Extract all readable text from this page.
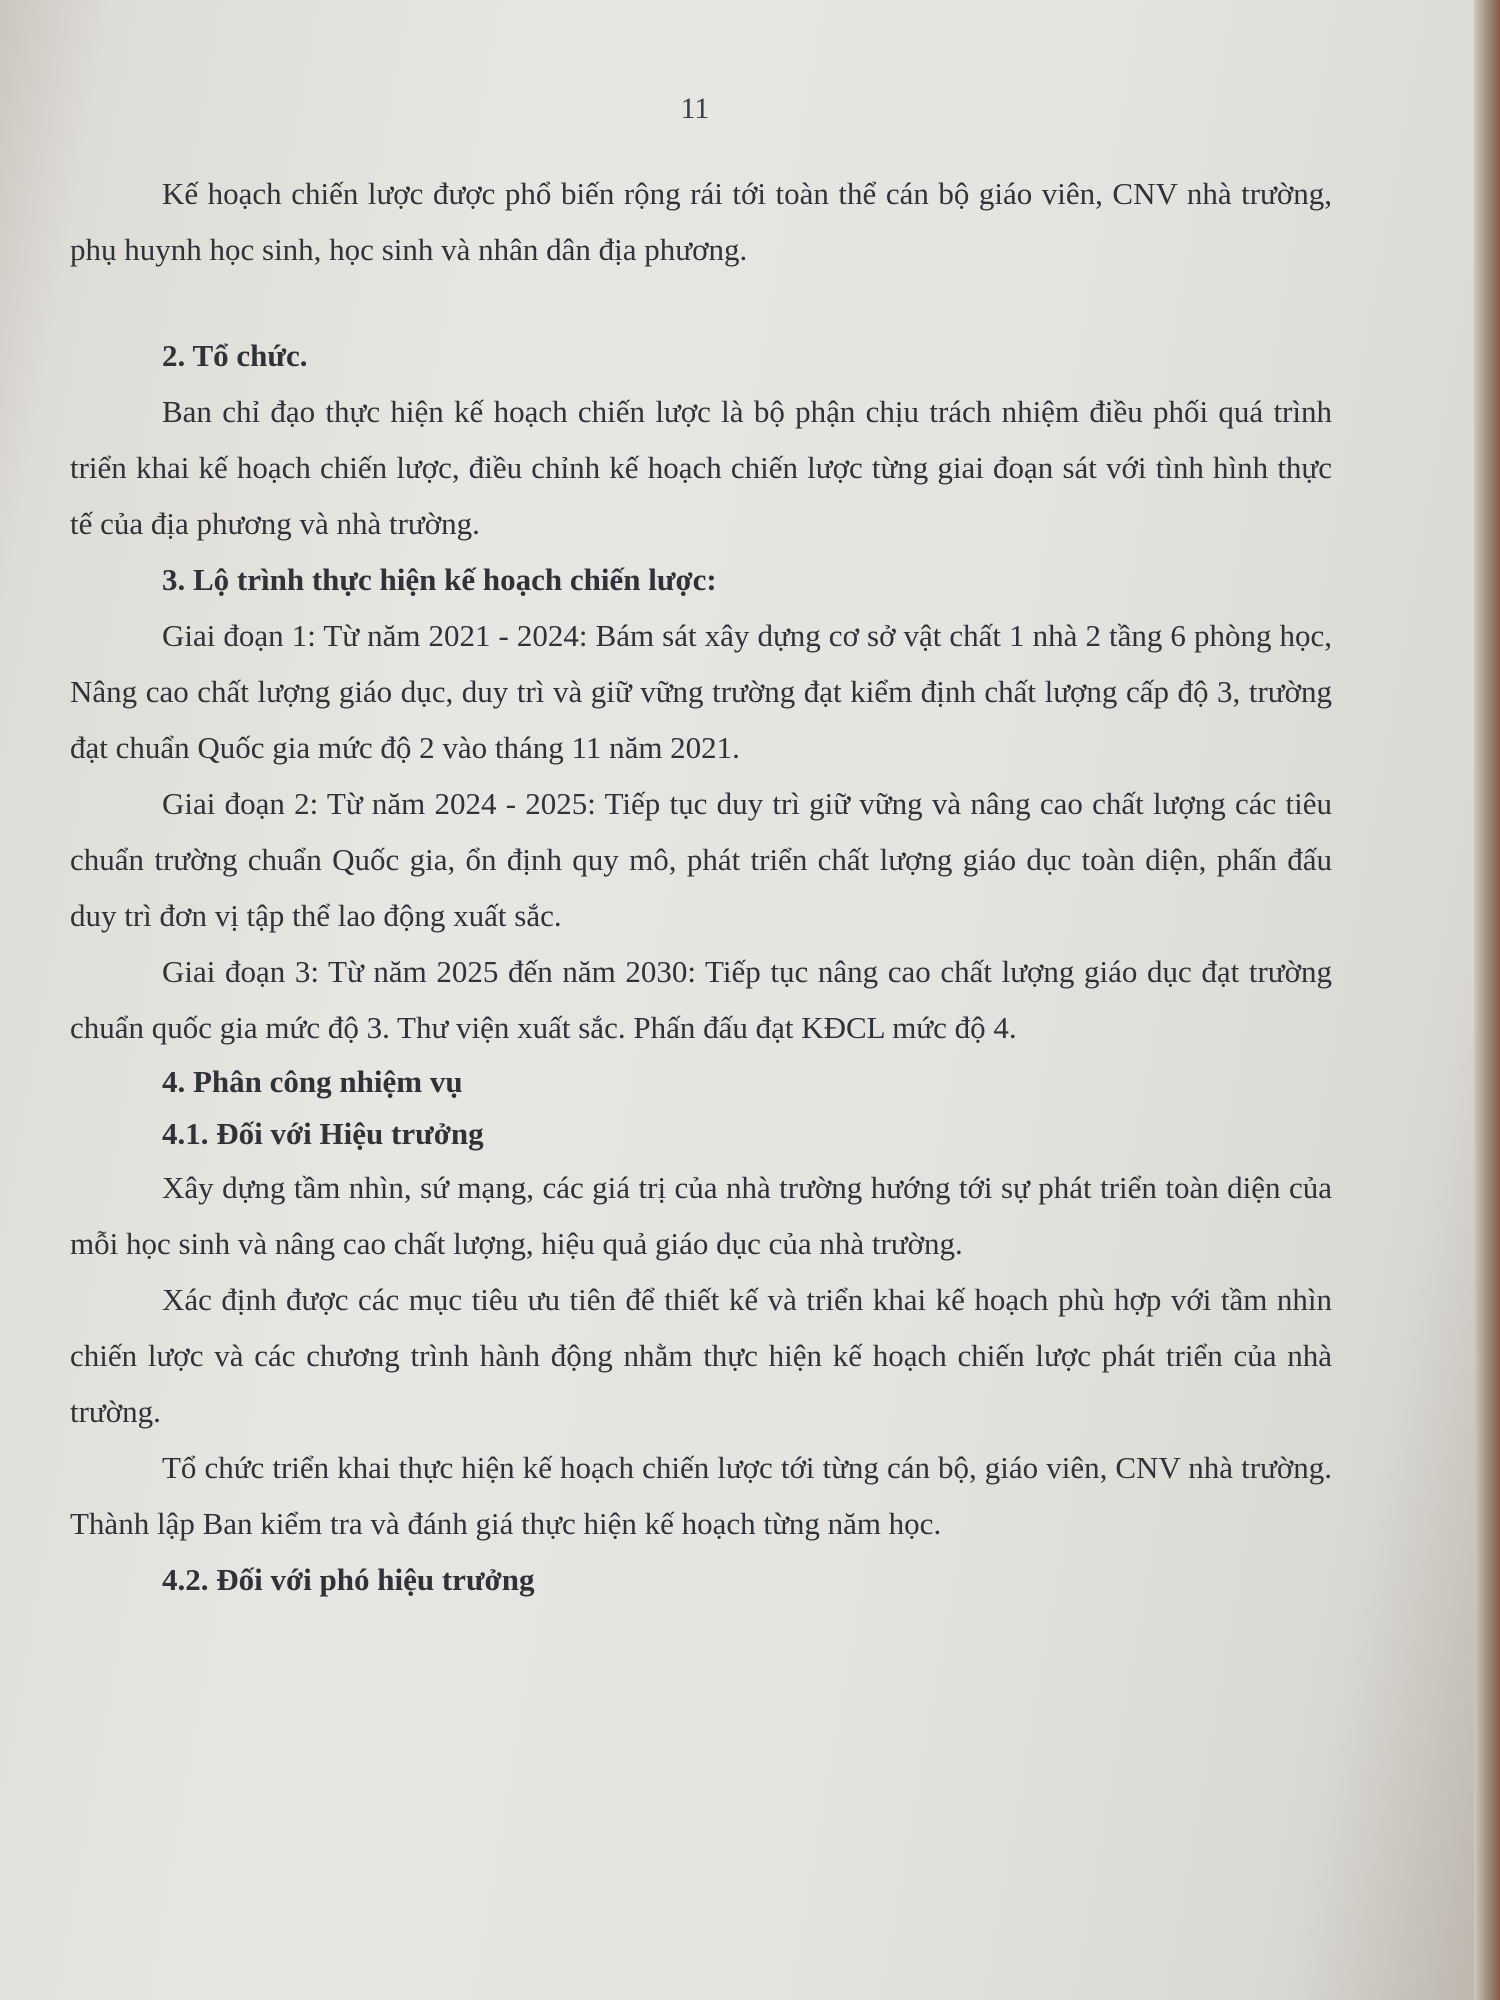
11

Kế hoạch chiến lược được phổ biến rộng rái tới toàn thể cán bộ giáo viên, CNV nhà trường, phụ huynh học sinh, học sinh và nhân dân địa phương.

2. Tổ chức.

Ban chỉ đạo thực hiện kế hoạch chiến lược là bộ phận chịu trách nhiệm điều phối quá trình triển khai kế hoạch chiến lược, điều chỉnh kế hoạch chiến lược từng giai đoạn sát với tình hình thực tế của địa phương và nhà trường.

3. Lộ trình thực hiện kế hoạch chiến lược:

Giai đoạn 1: Từ năm 2021 - 2024: Bám sát xây dựng cơ sở vật chất 1 nhà 2 tầng 6 phòng học, Nâng cao chất lượng giáo dục, duy trì và giữ vững trường đạt kiểm định chất lượng cấp độ 3, trường đạt chuẩn Quốc gia mức độ 2 vào tháng 11 năm 2021.

Giai đoạn 2: Từ năm 2024 - 2025: Tiếp tục duy trì giữ vững và nâng cao chất lượng các tiêu chuẩn trường chuẩn Quốc gia, ổn định quy mô, phát triển chất lượng giáo dục toàn diện, phấn đấu duy trì đơn vị tập thể lao động xuất sắc.

Giai đoạn 3: Từ năm 2025 đến năm 2030: Tiếp tục nâng cao chất lượng giáo dục đạt trường chuẩn quốc gia mức độ 3. Thư viện xuất sắc. Phấn đấu đạt KĐCL mức độ 4.

4. Phân công nhiệm vụ

4.1. Đối với Hiệu trưởng

Xây dựng tầm nhìn, sứ mạng, các giá trị của nhà trường hướng tới sự phát triển toàn diện của mỗi học sinh và nâng cao chất lượng, hiệu quả giáo dục của nhà trường.

Xác định được các mục tiêu ưu tiên để thiết kế và triển khai kế hoạch phù hợp với tầm nhìn chiến lược và các chương trình hành động nhằm thực hiện kế hoạch chiến lược phát triển của nhà trường.

Tổ chức triển khai thực hiện kế hoạch chiến lược tới từng cán bộ, giáo viên, CNV nhà trường. Thành lập Ban kiểm tra và đánh giá thực hiện kế hoạch từng năm học.

4.2. Đối với phó hiệu trưởng
